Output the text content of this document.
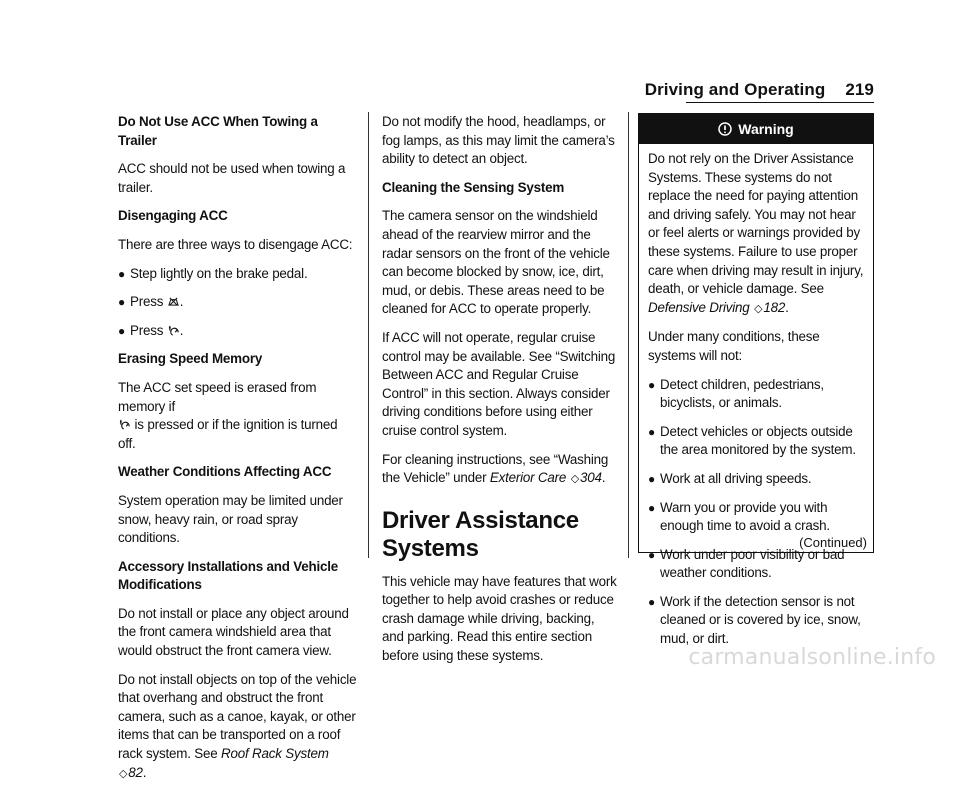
Driving and Operating 219

Do Not Use ACC When Towing a Trailer

ACC should not be used when towing a trailer.

Disengaging ACC

There are three ways to disengage ACC:

● Step lightly on the brake pedal.
● Press .
● Press .

Erasing Speed Memory

The ACC set speed is erased from memory if
is pressed or if the ignition is turned off.

Weather Conditions Affecting ACC

System operation may be limited under snow, heavy rain, or road spray conditions.

Accessory Installations and Vehicle Modifications

Do not install or place any object around the front camera windshield area that would obstruct the front camera view.

Do not install objects on top of the vehicle that overhang and obstruct the front camera, such as a canoe, kayak, or other items that can be transported on a roof rack system. See Roof Rack System ◇82.

Do not modify the hood, headlamps, or fog lamps, as this may limit the camera’s ability to detect an object.

Cleaning the Sensing System

The camera sensor on the windshield ahead of the rearview mirror and the radar sensors on the front of the vehicle can become blocked by snow, ice, dirt, mud, or debis. These areas need to be cleaned for ACC to operate properly.

If ACC will not operate, regular cruise control may be available. See “Switching Between ACC and Regular Cruise Control” in this section. Always consider driving conditions before using either cruise control system.

For cleaning instructions, see “Washing the Vehicle” under Exterior Care ◇304.

Driver Assistance Systems

This vehicle may have features that work together to help avoid crashes or reduce crash damage while driving, backing, and parking. Read this entire section before using these systems.

Warning

Do not rely on the Driver Assistance Systems. These systems do not replace the need for paying attention and driving safely. You may not hear or feel alerts or warnings provided by these systems. Failure to use proper care when driving may result in injury, death, or vehicle damage. See Defensive Driving ◇182.

Under many conditions, these systems will not:

● Detect children, pedestrians, bicyclists, or animals.
● Detect vehicles or objects outside the area monitored by the system.
● Work at all driving speeds.
● Warn you or provide you with enough time to avoid a crash.
● Work under poor visibility or bad weather conditions.
● Work if the detection sensor is not cleaned or is covered by ice, snow, mud, or dirt.
(Continued)
carmanualsonline.info
